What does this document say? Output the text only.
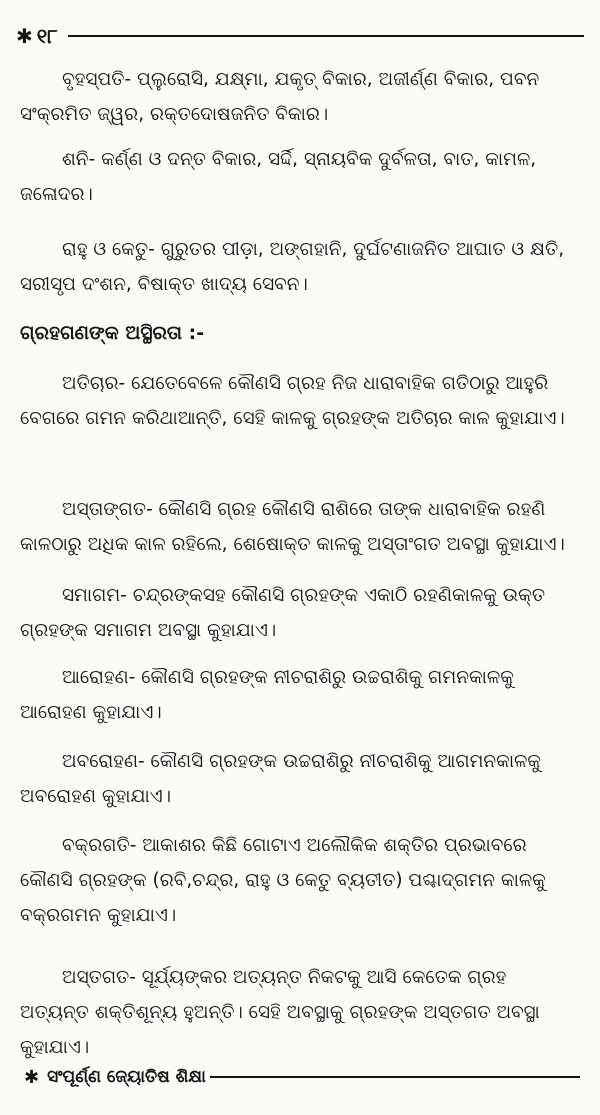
✱ ୧୮

ବୃହସ୍ପତି- ପ୍ଲୁରୋସି, ଯକ୍ଷ୍ମା, ଯକୃତ୍ ବିକାର, ଅଜୀର୍ଣ୍ଣ ବିକାର, ପବନ ସଂକ୍ରମିତ ଜ୍ୱର, ରକ୍ତଦୋଷଜନିତ ବିକାର।

ଶନି- କର୍ଣ୍ଣ ଓ ଦନ୍ତ ବିକାର, ସର୍ଦ୍ଦି, ସ୍ନାୟବିକ ଦୁର୍ବଳତା, ବାତ, କାମଳ, ଜଳୋଦର।

ରାହୁ ଓ କେତୁ- ଗୁରୁତର ପୀଡ଼ା, ଅଙ୍ଗହାନି, ଦୁର୍ଘଟଣାଜନିତ ଆଘାତ ଓ କ୍ଷତି, ସରୀସୃପ ଦଂଶନ, ବିଷାକ୍ତ ଖାଦ୍ୟ ସେବନ।

ଗ୍ରହଗଣଙ୍କ ଅସ୍ଥିରତା :-

ଅତିଚାର- ଯେତେବେଳେ କୌଣସି ଗ୍ରହ ନିଜ ଧାରାବାହିକ ଗତିଠାରୁ ଆହୁରି ବେଗରେ ଗମନ କରିଥାଆନ୍ତି, ସେହି କାଳକୁ ଗ୍ରହଙ୍କ ଅତିଚାର କାଳ କୁହାଯାଏ।

ଅସ୍ତାଙ୍ଗତ- କୌଣସି ଗ୍ରହ କୌଣସି ରାଶିରେ ତାଙ୍କ ଧାରାବାହିକ ରହଣି କାଳଠାରୁ ଅଧିକ କାଳ ରହିଲେ, ଶେଷୋକ୍ତ କାଳକୁ ଅସ୍ତାଂଗତ ଅବସ୍ଥା କୁହାଯାଏ।

ସମାଗମ- ଚନ୍ଦ୍ରଙ୍କସହ କୌଣସି ଗ୍ରହଙ୍କ ଏକାଠି ରହଣିକାଳକୁ ଉକ୍ତ ଗ୍ରହଙ୍କ ସମାଗମ ଅବସ୍ଥା କୁହାଯାଏ।

ଆରୋହଣ- କୌଣସି ଗ୍ରହଙ୍କ ନୀଚରାଶିରୁ ଉଚ୍ଚରାଶିକୁ ଗମନକାଳକୁ ଆରୋହଣ କୁହାଯାଏ।

ଅବରୋହଣ- କୌଣସି ଗ୍ରହଙ୍କ ଉଚ୍ଚରାଶିରୁ ନୀଚରାଶିକୁ ଆଗମନକାଳକୁ ଅବରୋହଣ କୁହାଯାଏ।

ବକ୍ରଗତି- ଆକାଶର କିଛି ଗୋଟାଏ ଅଲୌକିକ ଶକ୍ତିର ପ୍ରଭାବରେ କୌଣସି ଗ୍ରହଙ୍କ (ରବି,ଚନ୍ଦ୍ର, ରାହୁ ଓ କେତୁ ବ୍ୟତୀତ) ପଶ୍ଚାଦ୍‌ଗମନ କାଳକୁ ବକ୍ରଗମନ କୁହାଯାଏ।

ଅସ୍ତଗତ- ସୂର୍ଯ୍ୟଙ୍କର ଅତ୍ୟନ୍ତ ନିକଟକୁ ଆସି କେତେକ ଗ୍ରହ ଅତ୍ୟନ୍ତ ଶକ୍ତିଶୂନ୍ୟ ହୁଅନ୍ତି। ସେହି ଅବସ୍ଥାକୁ ଗ୍ରହଙ୍କ ଅସ୍ତଗତ ଅବସ୍ଥା କୁହାଯାଏ।

✱ ସଂପୂର୍ଣ୍ଣ ଜ୍ୟୋତିଷ ଶିକ୍ଷା
